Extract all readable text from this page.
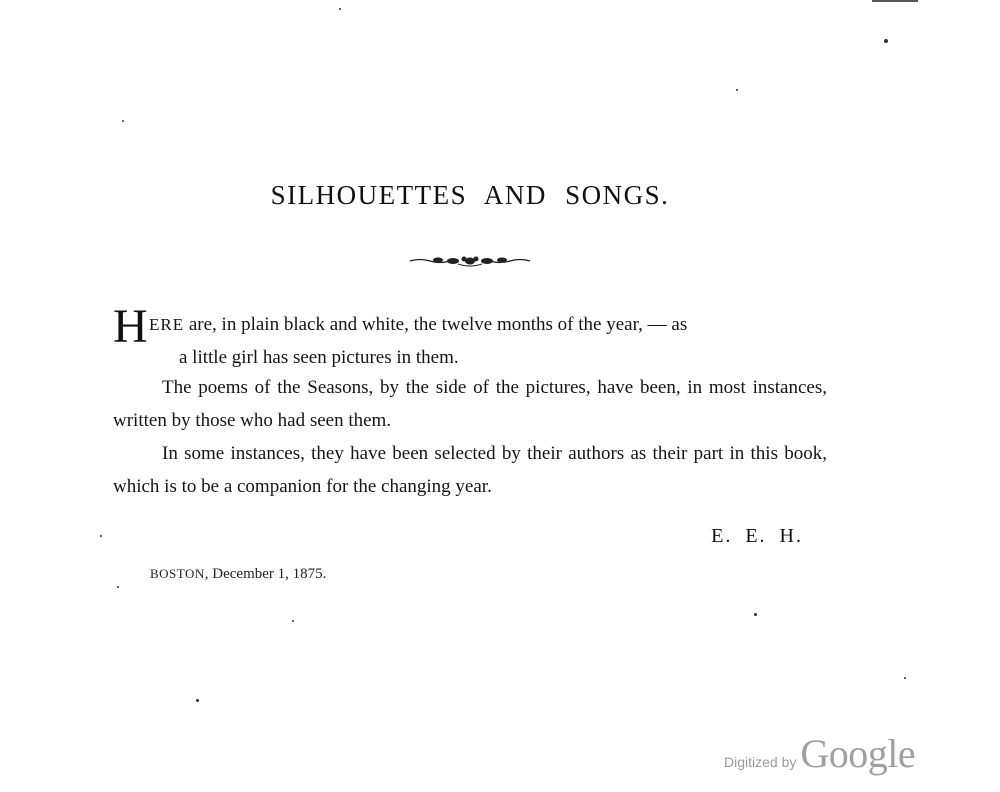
SILHOUETTES AND SONGS.
H ERE are, in plain black and white, the twelve months of the year, — as
a little girl has seen pictures in them.
The poems of the Seasons, by the side of the pictures, have been, in most instances, written by those who had seen them.
In some instances, they have been selected by their authors as their part in this book, which is to be a companion for the changing year.
E. E. H.
BOSTON, December 1, 1875.
Digitized by Google
